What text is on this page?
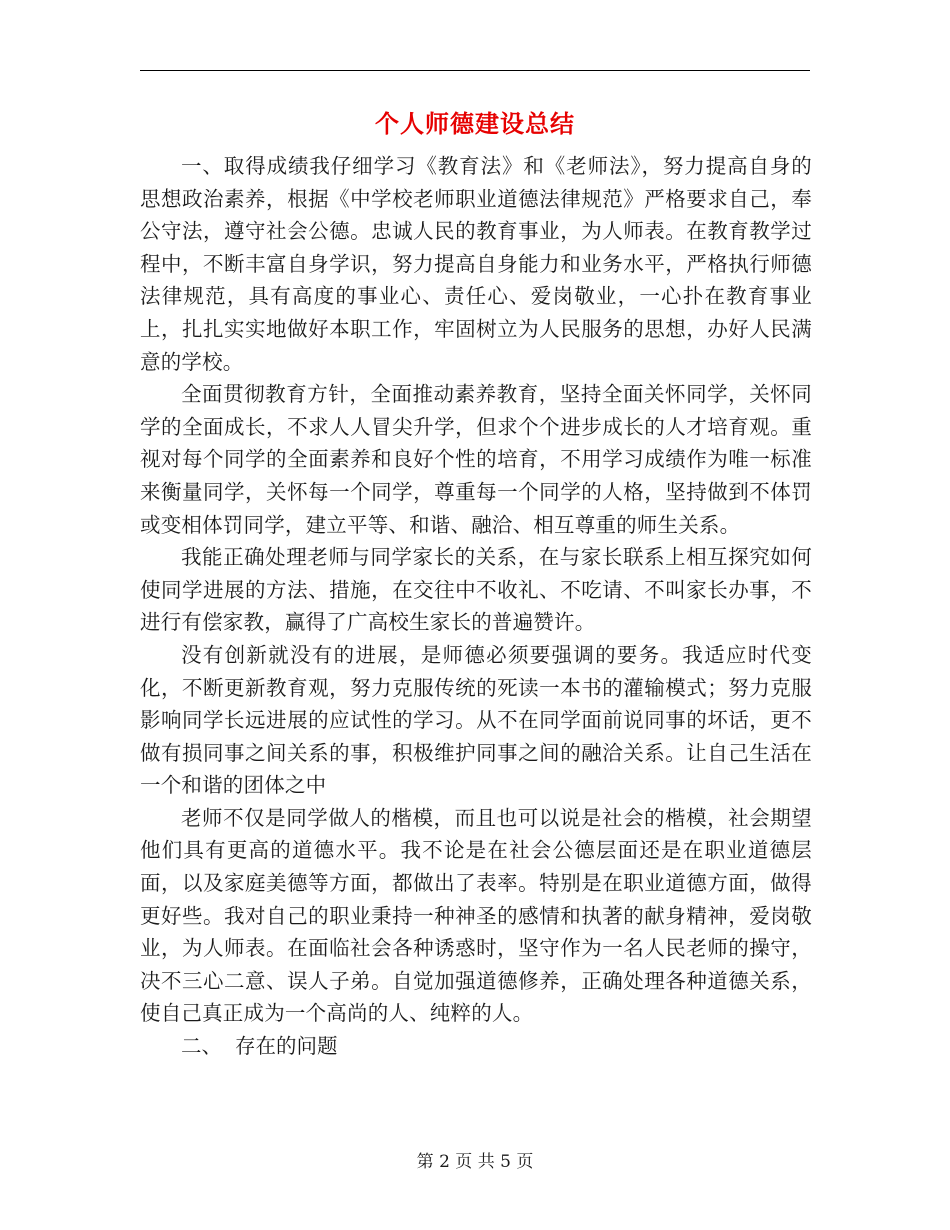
个人师德建设总结

一、取得成绩我仔细学习《教育法》和《老师法》，努力提高自身的思想政治素养，根据《中学校老师职业道德法律规范》严格要求自己，奉公守法，遵守社会公德。忠诚人民的教育事业，为人师表。在教育教学过程中，不断丰富自身学识，努力提高自身能力和业务水平，严格执行师德法律规范，具有高度的事业心、责任心、爱岗敬业，一心扑在教育事业上，扎扎实实地做好本职工作，牢固树立为人民服务的思想，办好人民满意的学校。

全面贯彻教育方针，全面推动素养教育，坚持全面关怀同学，关怀同学的全面成长，不求人人冒尖升学，但求个个进步成长的人才培育观。重视对每个同学的全面素养和良好个性的培育，不用学习成绩作为唯一标准来衡量同学，关怀每一个同学，尊重每一个同学的人格，坚持做到不体罚或变相体罚同学，建立平等、和谐、融洽、相互尊重的师生关系。

我能正确处理老师与同学家长的关系，在与家长联系上相互探究如何使同学进展的方法、措施，在交往中不收礼、不吃请、不叫家长办事，不进行有偿家教，赢得了广高校生家长的普遍赞许。

没有创新就没有的进展，是师德必须要强调的要务。我适应时代变化，不断更新教育观，努力克服传统的死读一本书的灌输模式；努力克服影响同学长远进展的应试性的学习。从不在同学面前说同事的坏话，更不做有损同事之间关系的事，积极维护同事之间的融洽关系。让自己生活在一个和谐的团体之中

老师不仅是同学做人的楷模，而且也可以说是社会的楷模，社会期望他们具有更高的道德水平。我不论是在社会公德层面还是在职业道德层面，以及家庭美德等方面，都做出了表率。特别是在职业道德方面，做得更好些。我对自己的职业秉持一种神圣的感情和执著的献身精神，爱岗敬业，为人师表。在面临社会各种诱惑时，坚守作为一名人民老师的操守，决不三心二意、误人子弟。自觉加强道德修养，正确处理各种道德关系，使自己真正成为一个高尚的人、纯粹的人。

二、  存在的问题

第 2 页 共 5 页
